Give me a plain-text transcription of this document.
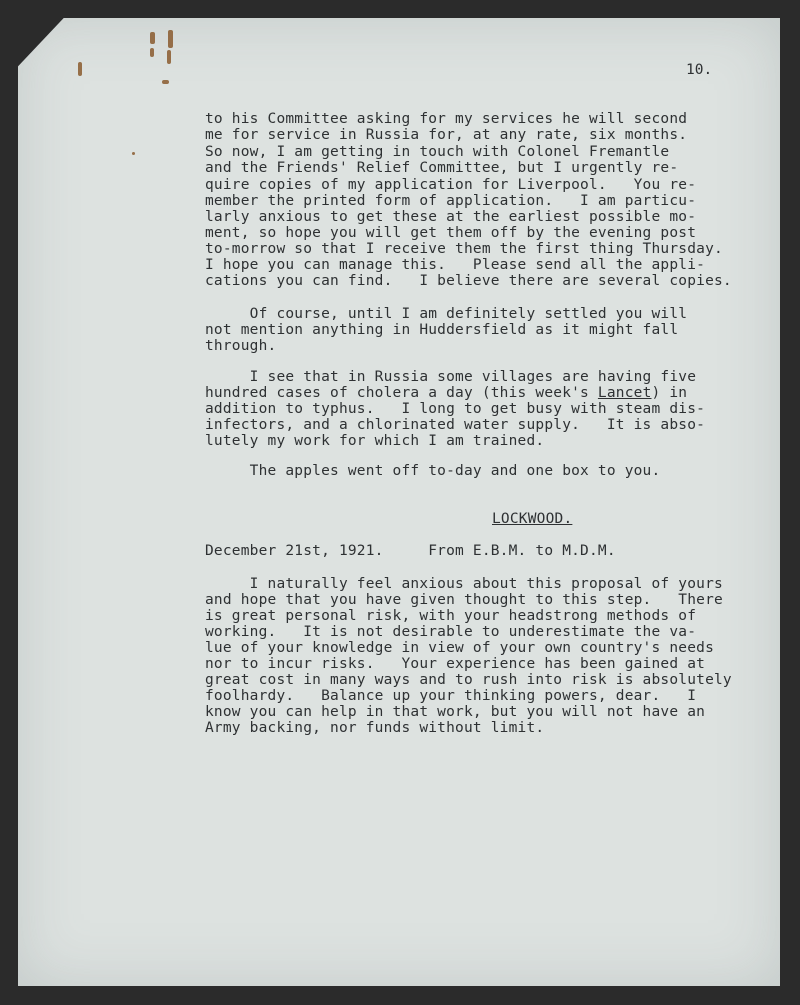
10.
to his Committee asking for my services he will second
me for service in Russia for, at any rate, six months.
So now, I am getting in touch with Colonel Fremantle
and the Friends' Relief Committee, but I urgently re-
quire copies of my application for Liverpool.   You re-
member the printed form of application.   I am particu-
larly anxious to get these at the earliest possible mo-
ment, so hope you will get them off by the evening post
to-morrow so that I receive them the first thing Thursday.
I hope you can manage this.   Please send all the appli-
cations you can find.   I believe there are several copies.
Of course, until I am definitely settled you will
not mention anything in Huddersfield as it might fall
through.
I see that in Russia some villages are having five
hundred cases of cholera a day (this week's Lancet) in
addition to typhus.   I long to get busy with steam dis-
infectors, and a chlorinated water supply.   It is abso-
lutely my work for which I am trained.
The apples went off to-day and one box to you.
LOCKWOOD.
December 21st, 1921.     From E.B.M. to M.D.M.
I naturally feel anxious about this proposal of yours
and hope that you have given thought to this step.   There
is great personal risk, with your headstrong methods of
working.   It is not desirable to underestimate the va-
lue of your knowledge in view of your own country's needs
nor to incur risks.   Your experience has been gained at
great cost in many ways and to rush into risk is absolutely
foolhardy.   Balance up your thinking powers, dear.   I
know you can help in that work, but you will not have an
Army backing, nor funds without limit.
